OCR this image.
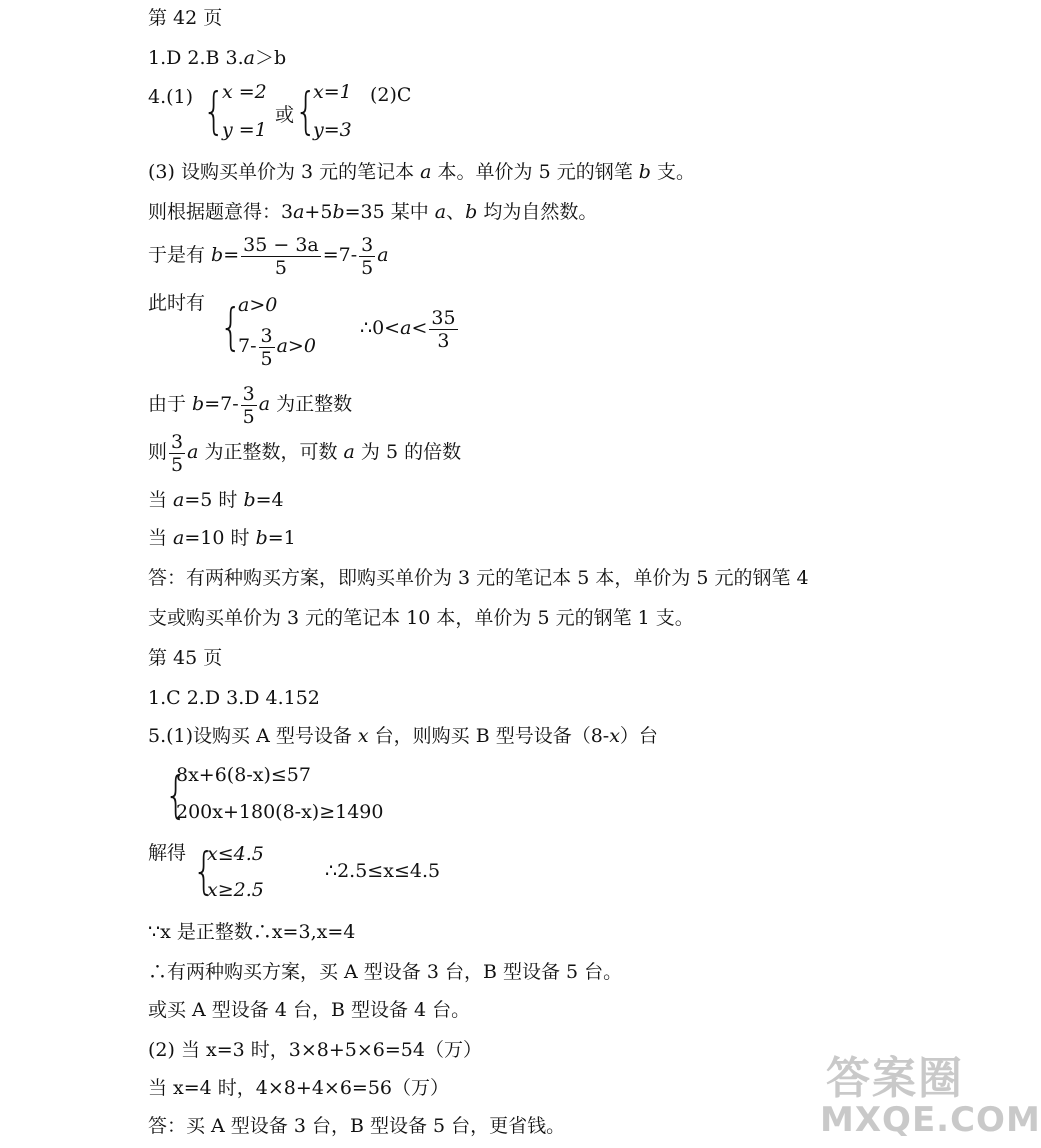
第 42 页
1.D 2.B 3.a＞b
4.(1) {
x =2
y =1
或 {
x=1
y=3
(2)C
(3) 设购买单价为 3 元的笔记本 a 本。单价为 5 元的钢笔 b 支。
则根据题意得：3a+5b=35 某中 a、b 均为自然数。
于是有 $b= \frac{35 - 3a}{5} =7- \frac{3}{5}$ a
此时有 {
a>0
$7- \frac{3}{5} a>0$
∴0<a< $\frac{35}{3}$
由于 $b=7- \frac{3}{5}$ a 为正整数
则 $\frac{3}{5}$ a 为正整数，可数 a 为 5 的倍数
当 a=5 时 b=4
当 a=10 时 b=1
答：有两种购买方案，即购买单价为 3 元的笔记本 5 本，单价为 5 元的钢笔 4
支或购买单价为 3 元的笔记本 10 本，单价为 5 元的钢笔 1 支。
第 45 页
1.C 2.D 3.D 4.152
5.(1)设购买 A 型号设备 x 台，则购买 B 型号设备（8-x）台
{
8x+6(8-x)≤57
200x+180(8-x)≥1490
解得 {
x≤4.5
x≥2.5
∴2.5≤x≤4.5
∵x 是正整数∴x=3,x=4
∴有两种购买方案，买 A 型设备 3 台，B 型设备 5 台。
或买 A 型设备 4 台，B 型设备 4 台。
(2) 当 x=3 时，3×8+5×6=54（万）
当 x=4 时，4×8+4×6=56（万）
答：买 A 型设备 3 台，B 型设备 5 台，更省钱。
答案圈
MXQE.COM
